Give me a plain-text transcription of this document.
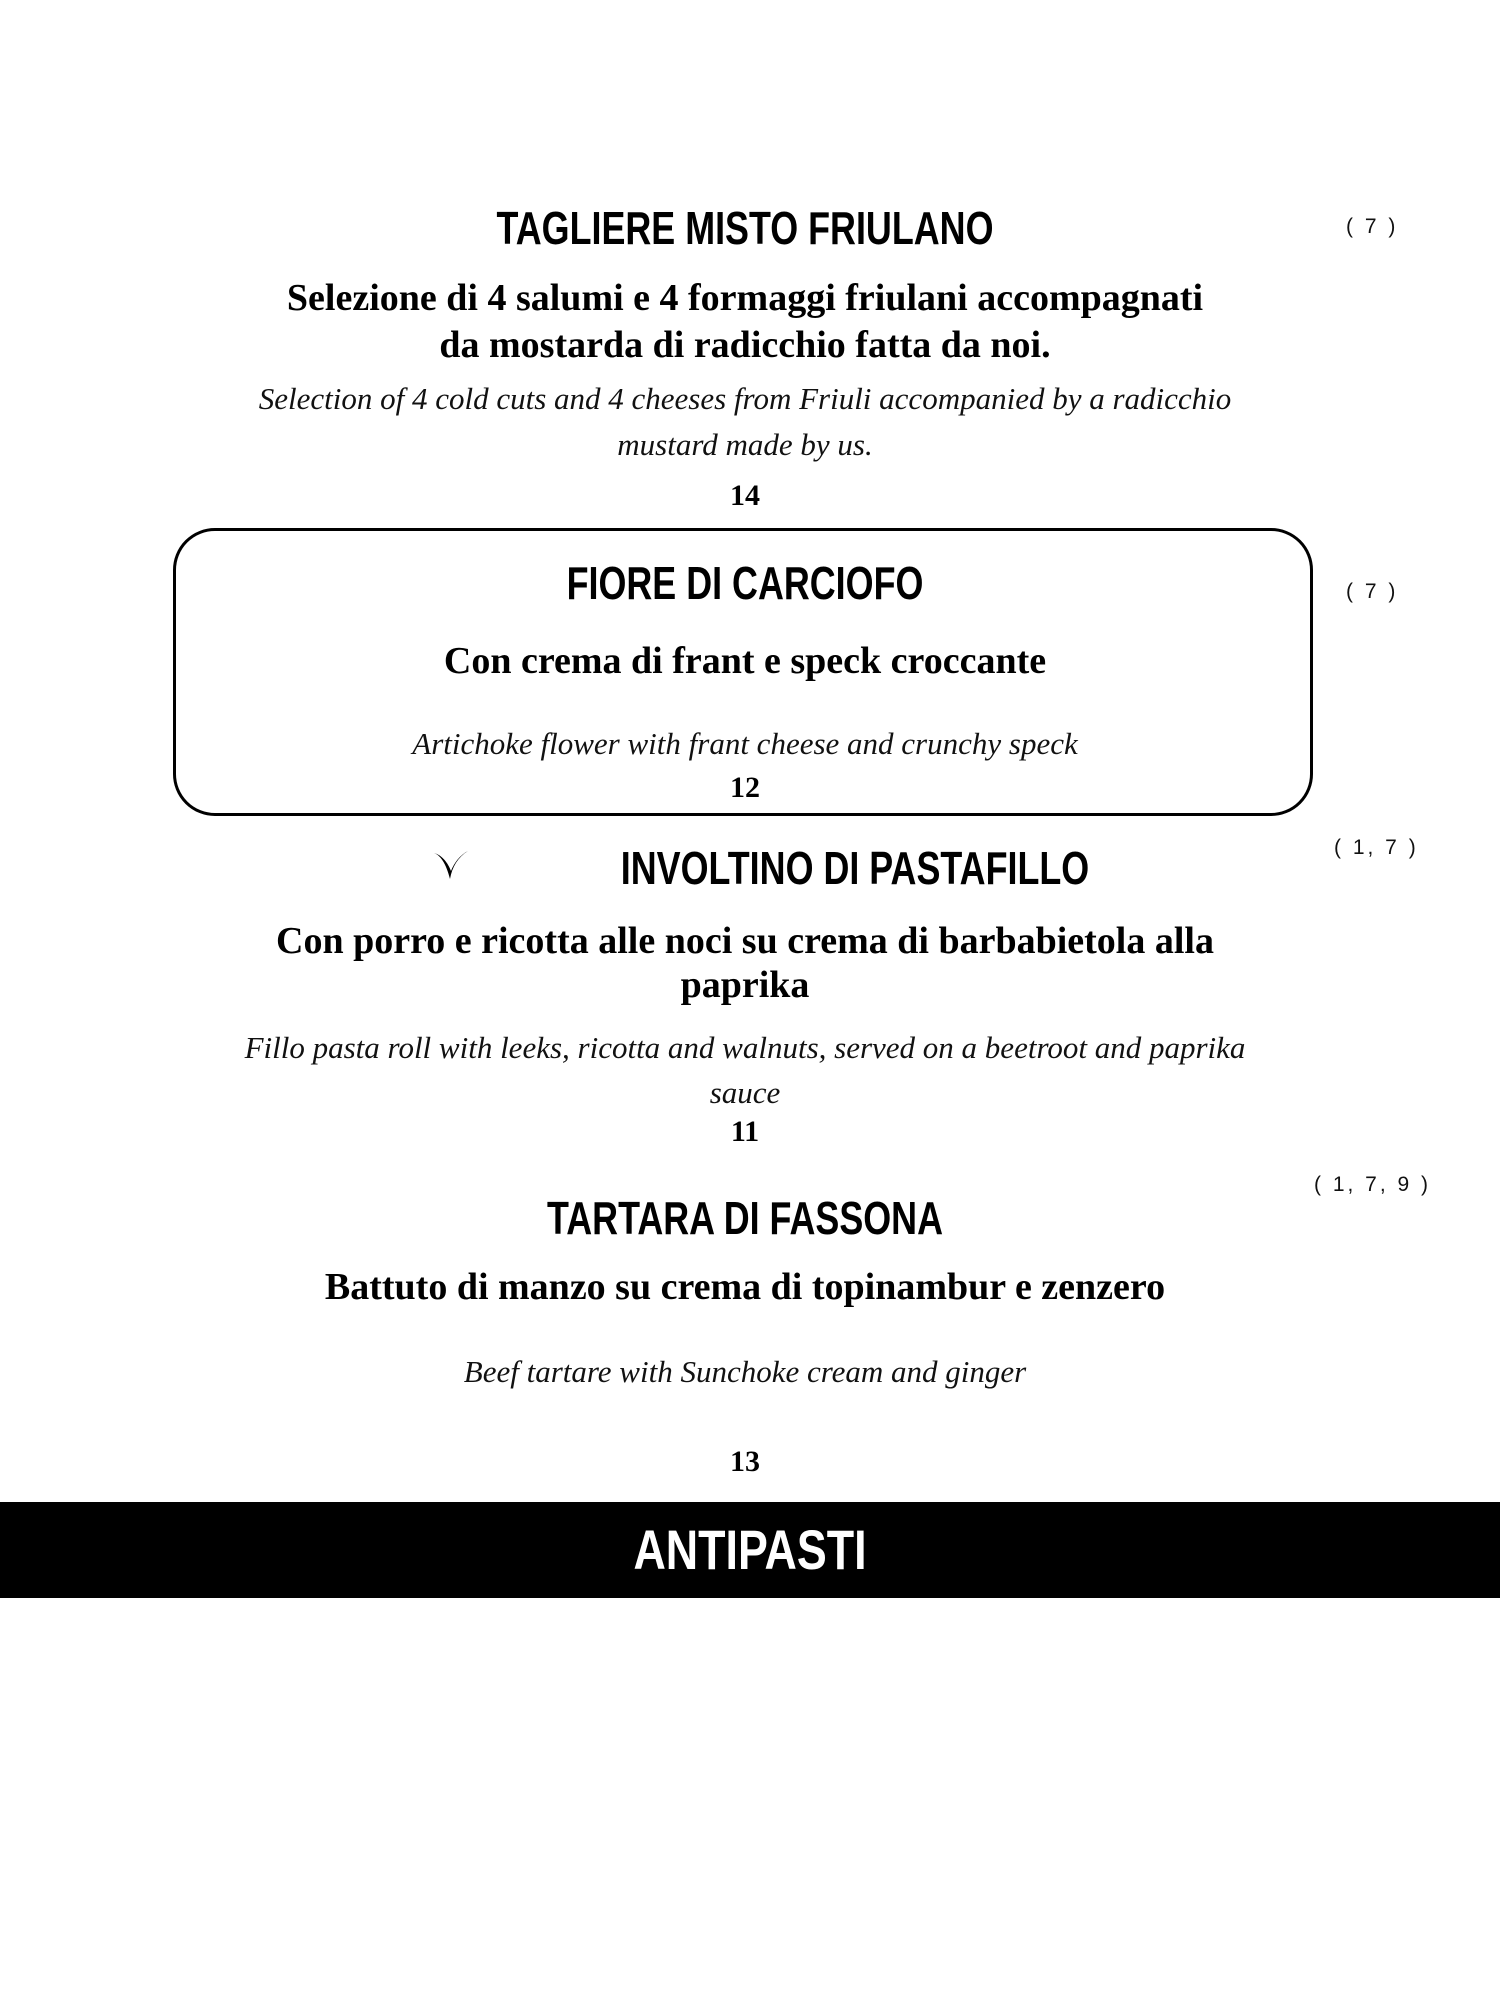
TAGLIERE MISTO FRIULANO	( 7 )
Selezione di 4 salumi e 4 formaggi friulani accompagnati
da mostarda di radicchio fatta da noi.
Selection of 4 cold cuts and 4 cheeses from Friuli accompanied by a radicchio
mustard made by us.
14
FIORE DI CARCIOFO	( 7 )
Con crema di frant e speck croccante
Artichoke flower with frant cheese and crunchy speck
12
INVOLTINO DI PASTAFILLO	( 1, 7 )
Con porro e ricotta alle noci su crema di barbabietola alla
paprika
Fillo pasta roll with leeks, ricotta and walnuts, served on a beetroot and paprika
sauce
11
TARTARA DI FASSONA
( 1, 7, 9 )
Battuto di manzo su crema di topinambur e zenzero
Beef tartare with Sunchoke cream and ginger
13
ANTIPASTI
